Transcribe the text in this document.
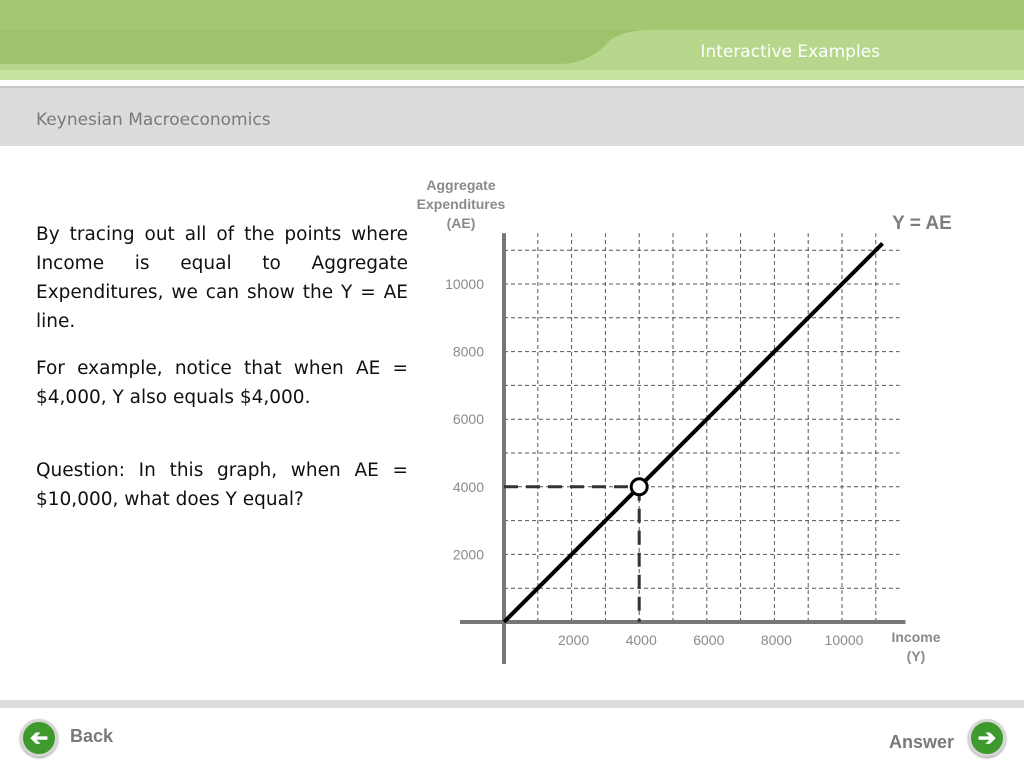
Interactive Examples
Keynesian Macroeconomics

By tracing out all of the points where Income is equal to Aggregate Expenditures, we can show the Y = AE line.

For example, notice that when AE = $4,000, Y also equals $4,000.

Question: In this graph, when AE = $10,000, what does Y equal?

2000
4000
6000
8000
10000
2000	4000	6000	8000 10000
Aggregate
Expenditures
(AE)
Income
(Y)
Y = AE
➔	Back	Answer	➔
